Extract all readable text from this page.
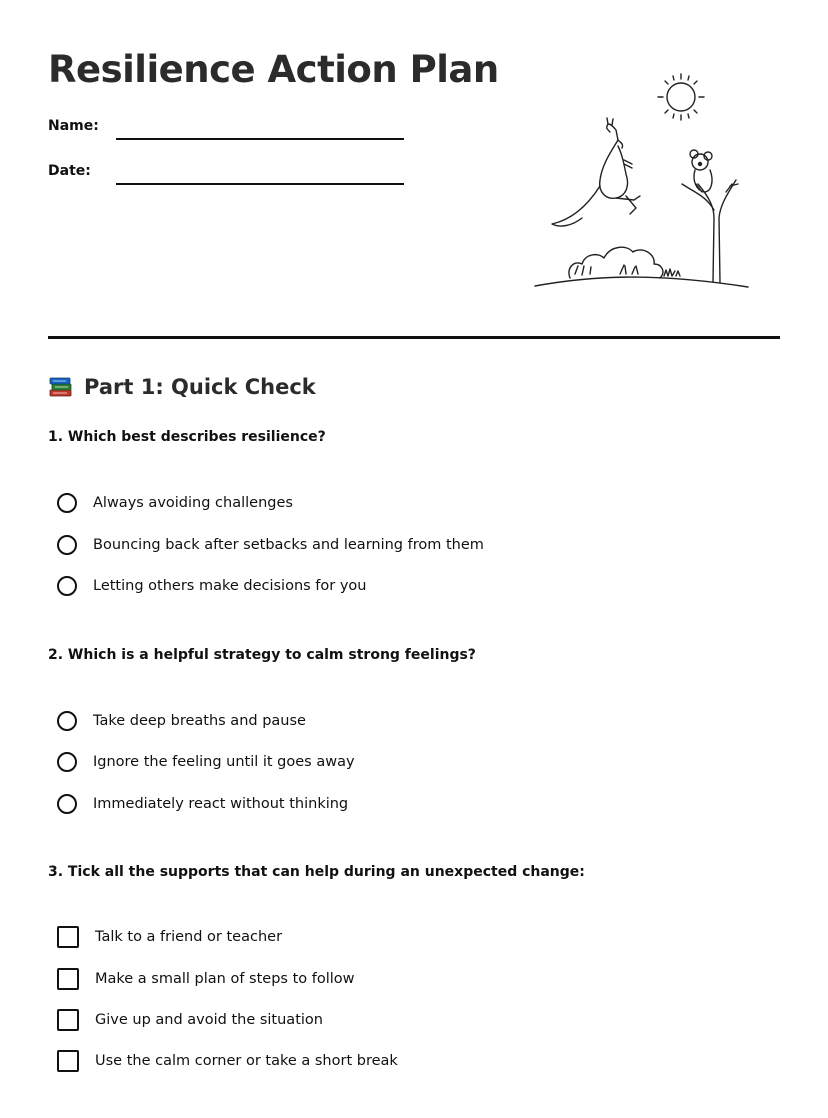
Resilience Action Plan
Name:
Date:
Part 1: Quick Check
1. Which best describes resilience?
Always avoiding challenges
Bouncing back after setbacks and learning from them
Letting others make decisions for you
2. Which is a helpful strategy to calm strong feelings?
Take deep breaths and pause
Ignore the feeling until it goes away
Immediately react without thinking
3. Tick all the supports that can help during an unexpected change:
Talk to a friend or teacher
Make a small plan of steps to follow
Give up and avoid the situation
Use the calm corner or take a short break
